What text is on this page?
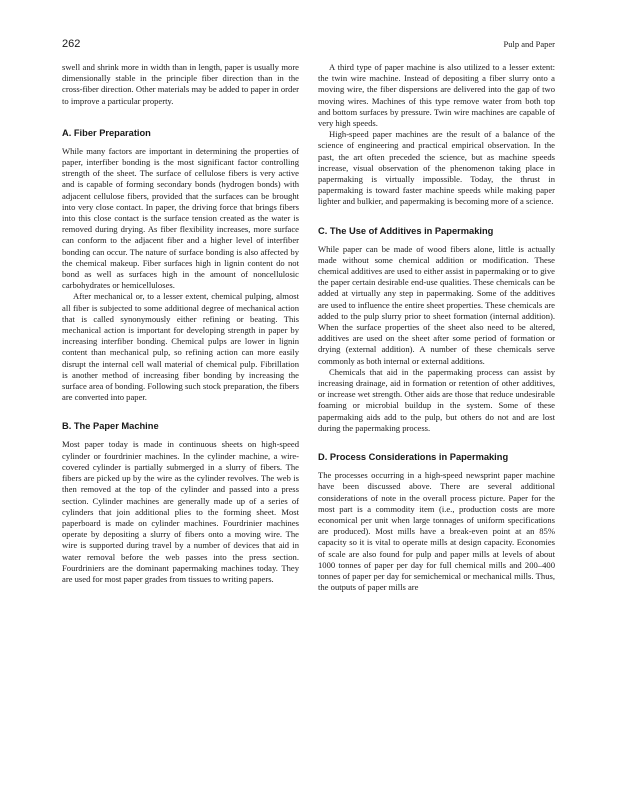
262	Pulp and Paper

swell and shrink more in width than in length, paper is usually more dimensionally stable in the principle fiber direction than in the cross-fiber direction. Other materials may be added to paper in order to improve a particular property.

A. Fiber Preparation

While many factors are important in determining the properties of paper, interfiber bonding is the most significant factor controlling strength of the sheet. The surface of cellulose fibers is very active and is capable of forming secondary bonds (hydrogen bonds) with adjacent cellulose fibers, provided that the surfaces can be brought into very close contact. In paper, the driving force that brings fibers into this close contact is the surface tension created as the water is removed during drying. As fiber flexibility increases, more surface can conform to the adjacent fiber and a higher level of interfiber bonding can occur. The nature of surface bonding is also affected by the chemical makeup. Fiber surfaces high in lignin content do not bond as well as surfaces high in the amount of noncellulosic carbohydrates or hemicelluloses.

After mechanical or, to a lesser extent, chemical pulping, almost all fiber is subjected to some additional degree of mechanical action that is called synonymously either refining or beating. This mechanical action is important for developing strength in paper by increasing interfiber bonding. Chemical pulps are lower in lignin content than mechanical pulp, so refining action can more easily disrupt the internal cell wall material of chemical pulp. Fibrillation is another method of increasing fiber bonding by increasing the surface area of bonding. Following such stock preparation, the fibers are converted into paper.

B. The Paper Machine

Most paper today is made in continuous sheets on high-speed cylinder or fourdrinier machines. In the cylinder machine, a wire-covered cylinder is partially submerged in a slurry of fibers. The fibers are picked up by the wire as the cylinder revolves. The web is then removed at the top of the cylinder and passed into a press section. Cylinder machines are generally made up of a series of cylinders that join additional plies to the forming sheet. Most paperboard is made on cylinder machines. Fourdrinier machines operate by depositing a slurry of fibers onto a moving wire. The wire is supported during travel by a number of devices that aid in water removal before the web passes into the press section. Fourdriniers are the dominant papermaking machines today. They are used for most paper grades from tissues to writing papers.

A third type of paper machine is also utilized to a lesser extent: the twin wire machine. Instead of depositing a fiber slurry onto a moving wire, the fiber dispersions are delivered into the gap of two moving wires. Machines of this type remove water from both top and bottom surfaces by pressure. Twin wire machines are capable of very high speeds.

High-speed paper machines are the result of a balance of the science of engineering and practical empirical observation. In the past, the art often preceded the science, but as machine speeds increase, visual observation of the phenomenon taking place in papermaking is virtually impossible. Today, the thrust in papermaking is toward faster machine speeds while making paper lighter and bulkier, and papermaking is becoming more of a science.

C. The Use of Additives in Papermaking

While paper can be made of wood fibers alone, little is actually made without some chemical addition or modification. These chemical additives are used to either assist in papermaking or to give the paper certain desirable end-use qualities. These chemicals can be added at virtually any step in papermaking. Some of the additives are used to influence the entire sheet properties. These chemicals are added to the pulp slurry prior to sheet formation (internal addition). When the surface properties of the sheet also need to be altered, additives are used on the sheet after some period of formation or drying (external addition). A number of these chemicals serve commonly as both internal or external additions.

Chemicals that aid in the papermaking process can assist by increasing drainage, aid in formation or retention of other additives, or increase wet strength. Other aids are those that reduce undesirable foaming or microbial buildup in the system. Some of these papermaking aids add to the pulp, but others do not and are lost during the papermaking process.

D. Process Considerations in Papermaking

The processes occurring in a high-speed newsprint paper machine have been discussed above. There are several additional considerations of note in the overall process picture. Paper for the most part is a commodity item (i.e., production costs are more economical per unit when large tonnages of uniform specifications are produced). Most mills have a break-even point at an 85% capacity so it is vital to operate mills at design capacity. Economies of scale are also found for pulp and paper mills at levels of about 1000 tonnes of paper per day for full chemical mills and 200–400 tonnes of paper per day for semichemical or mechanical mills. Thus, the outputs of paper mills are
